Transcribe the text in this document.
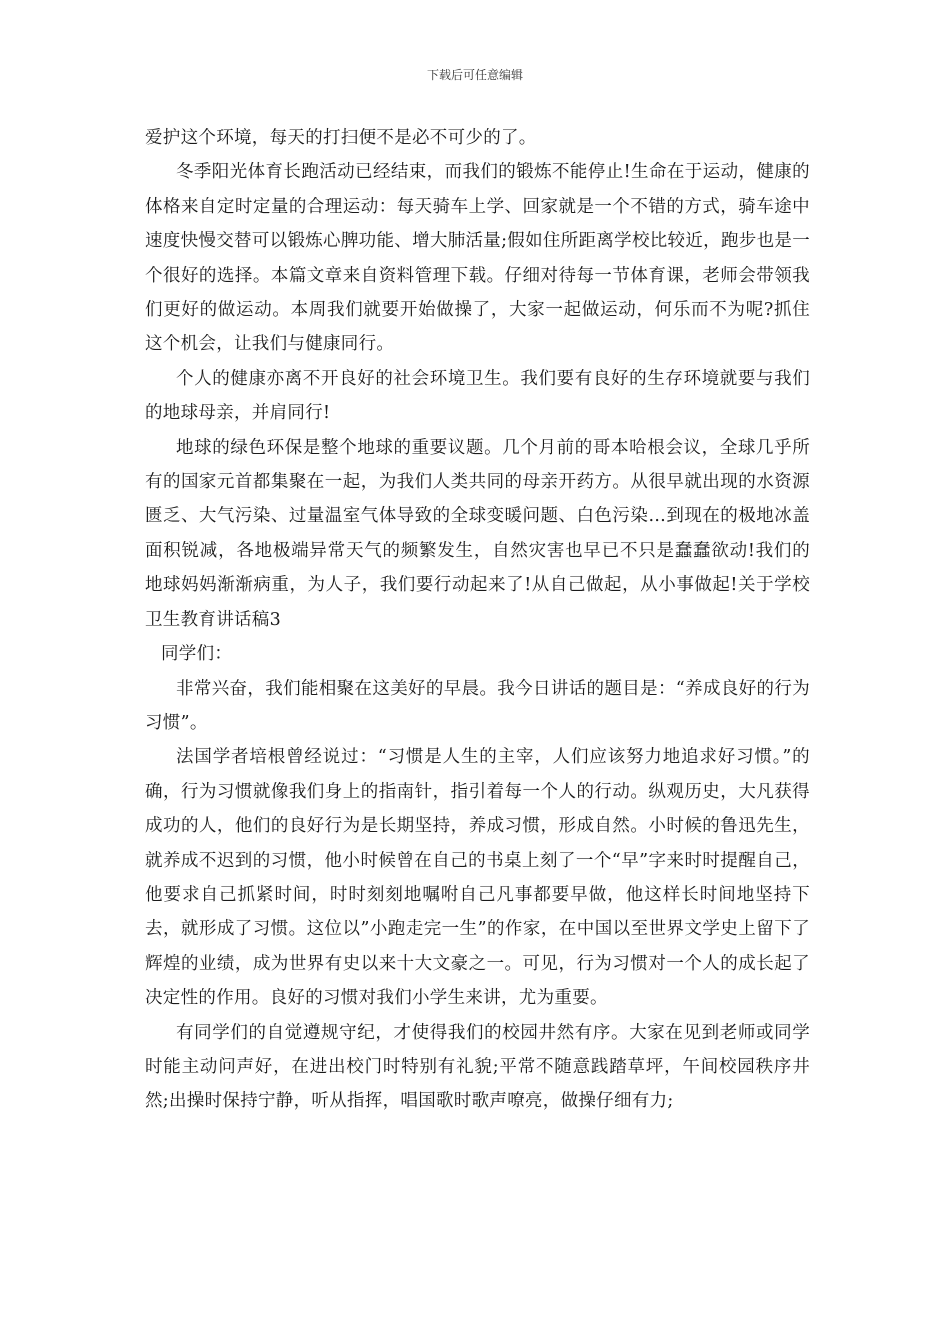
下载后可任意编辑

爱护这个环境，每天的打扫便不是必不可少的了。

冬季阳光体育长跑活动已经结束，而我们的锻炼不能停止!生命在于运动，健康的体格来自定时定量的合理运动：每天骑车上学、回家就是一个不错的方式，骑车途中速度快慢交替可以锻炼心脾功能、增大肺活量;假如住所距离学校比较近，跑步也是一个很好的选择。本篇文章来自资料管理下载。仔细对待每一节体育课，老师会带领我们更好的做运动。本周我们就要开始做操了，大家一起做运动，何乐而不为呢?抓住这个机会，让我们与健康同行。

个人的健康亦离不开良好的社会环境卫生。我们要有良好的生存环境就要与我们的地球母亲，并肩同行!

地球的绿色环保是整个地球的重要议题。几个月前的哥本哈根会议，全球几乎所有的国家元首都集聚在一起，为我们人类共同的母亲开药方。从很早就出现的水资源匮乏、大气污染、过量温室气体导致的全球变暖问题、白色污染…到现在的极地冰盖面积锐减，各地极端异常天气的频繁发生，自然灾害也早已不只是蠢蠢欲动!我们的地球妈妈渐渐病重，为人子，我们要行动起来了!从自己做起，从小事做起!关于学校卫生教育讲话稿3

同学们：

非常兴奋，我们能相聚在这美好的早晨。我今日讲话的题目是：“养成良好的行为习惯”。

法国学者培根曾经说过：“习惯是人生的主宰，人们应该努力地追求好习惯。”的确，行为习惯就像我们身上的指南针，指引着每一个人的行动。纵观历史，大凡获得成功的人，他们的良好行为是长期坚持，养成习惯，形成自然。小时候的鲁迅先生，就养成不迟到的习惯，他小时候曾在自己的书桌上刻了一个“早”字来时时提醒自己，他要求自己抓紧时间，时时刻刻地嘱咐自己凡事都要早做，他这样长时间地坚持下去，就形成了习惯。这位以”小跑走完一生”的作家，在中国以至世界文学史上留下了辉煌的业绩，成为世界有史以来十大文豪之一。可见，行为习惯对一个人的成长起了决定性的作用。良好的习惯对我们小学生来讲，尤为重要。

有同学们的自觉遵规守纪，才使得我们的校园井然有序。大家在见到老师或同学时能主动问声好，在进出校门时特别有礼貌;平常不随意践踏草坪，午间校园秩序井然;出操时保持宁静，听从指挥，唱国歌时歌声嘹亮，做操仔细有力;
